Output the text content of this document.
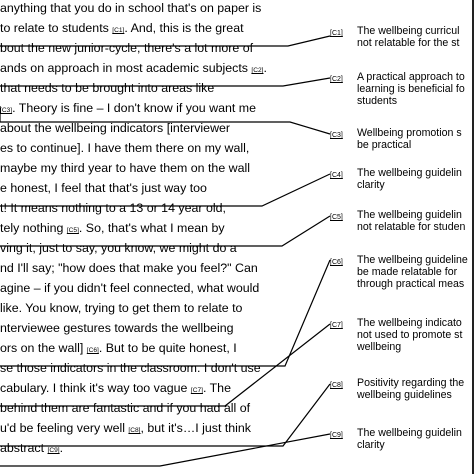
anything that you do in school that's on paper is
to relate to students [C1]. And, this is the great
bout the new junior-cycle, there's a lot more of
ands on approach in most academic subjects [C2].
that needs to be brought into areas like
[C3]. Theory is fine – I don't know if you want me
about the wellbeing indicators [interviewer
es to continue]. I have them there on my wall,
maybe my third year to have them on the wall
e honest, I feel that that's just way too
t! It means nothing to a 13 or 14 year old,
tely nothing [C5]. So, that's what I mean by
ving it, just to say, you know, we might do a
nd I'll say; "how does that make you feel?" Can
agine – if you didn't feel connected, what would
like. You know, trying to get them to relate to
nterviewee gestures towards the wellbeing
ors on the wall] [C6]. But to be quite honest, I
se those indicators in the classroom. I don't use
cabulary. I think it's way too vague [C7]. The
behind them are fantastic and if you had all of
u'd be feeling very well [C8], but it's…I just think
abstract [C9].
[C1]	The wellbeing curricul
not relatable for the st
[C2]	A practical approach to
learning is beneficial fo
students
[C3]	Wellbeing promotion s
be practical
[C4]	The wellbeing guidelin
clarity
[C5]	The wellbeing guidelin
not relatable for studen
[C6]	The wellbeing guideline
be made relatable for
through practical meas
[C7]	The wellbeing indicato
not used to promote st
wellbeing
[C8]	Positivity regarding the
wellbeing guidelines
[C9]	The wellbeing guidelin
clarity
